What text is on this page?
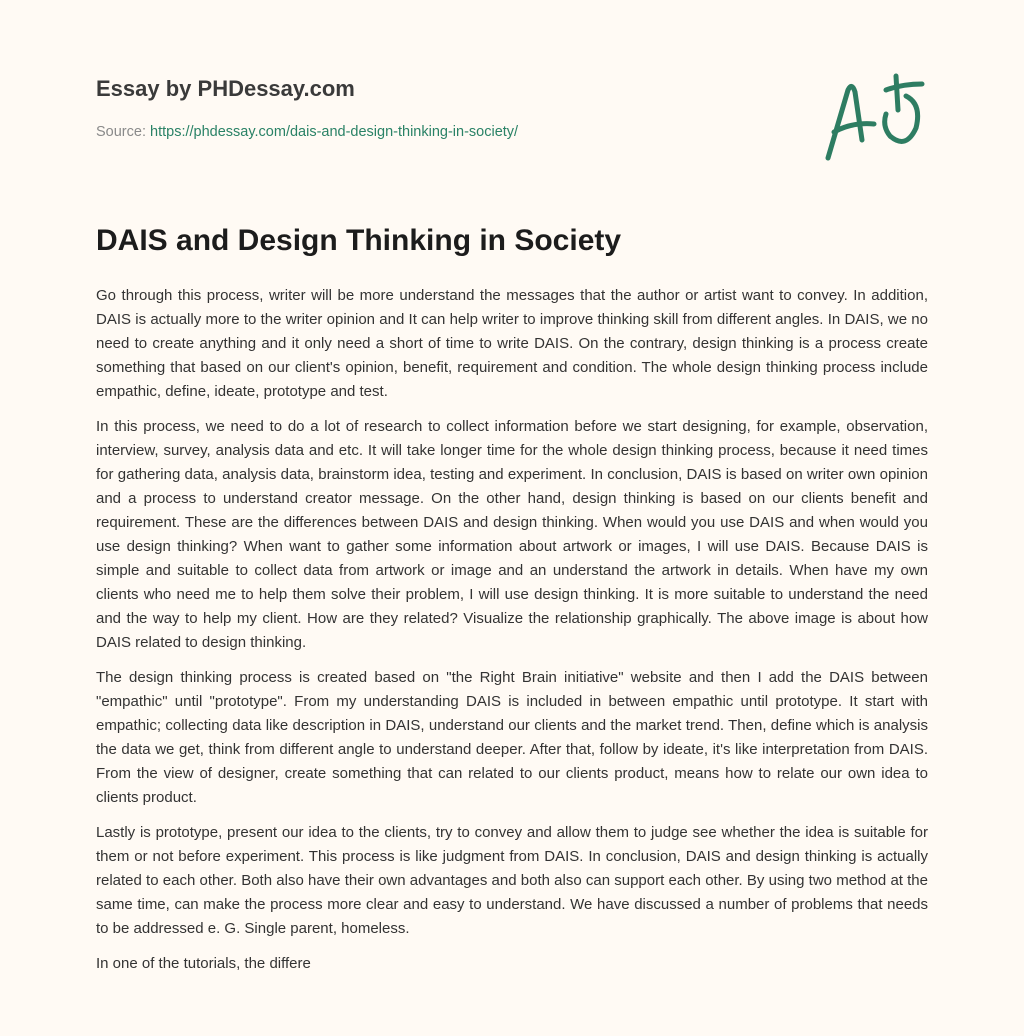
Essay by PHDessay.com
Source: https://phdessay.com/dais-and-design-thinking-in-society/
DAIS and Design Thinking in Society

Go through this process, writer will be more understand the messages that the author or artist want to convey. In addition, DAIS is actually more to the writer opinion and It can help writer to improve thinking skill from different angles. In DAIS, we no need to create anything and it only need a short of time to write DAIS. On the contrary, design thinking is a process create something that based on our client's opinion, benefit, requirement and condition. The whole design thinking process include empathic, define, ideate, prototype and test.

In this process, we need to do a lot of research to collect information before we start designing, for example, observation, interview, survey, analysis data and etc. It will take longer time for the whole design thinking process, because it need times for gathering data, analysis data, brainstorm idea, testing and experiment. In conclusion, DAIS is based on writer own opinion and a process to understand creator message. On the other hand, design thinking is based on our clients benefit and requirement. These are the differences between DAIS and design thinking. When would you use DAIS and when would you use design thinking? When want to gather some information about artwork or images, I will use DAIS. Because DAIS is simple and suitable to collect data from artwork or image and an understand the artwork in details. When have my own clients who need me to help them solve their problem, I will use design thinking. It is more suitable to understand the need and the way to help my client. How are they related? Visualize the relationship graphically. The above image is about how DAIS related to design thinking.

The design thinking process is created based on "the Right Brain initiative" website and then I add the DAIS between "empathic" until "prototype". From my understanding DAIS is included in between empathic until prototype. It start with empathic; collecting data like description in DAIS, understand our clients and the market trend. Then, define which is analysis the data we get, think from different angle to understand deeper. After that, follow by ideate, it's like interpretation from DAIS. From the view of designer, create something that can related to our clients product, means how to relate our own idea to clients product.

Lastly is prototype, present our idea to the clients, try to convey and allow them to judge see whether the idea is suitable for them or not before experiment. This process is like judgment from DAIS. In conclusion, DAIS and design thinking is actually related to each other. Both also have their own advantages and both also can support each other. By using two method at the same time, can make the process more clear and easy to understand. We have discussed a number of problems that needs to be addressed e. G. Single parent, homeless.

In one of the tutorials, the differe
